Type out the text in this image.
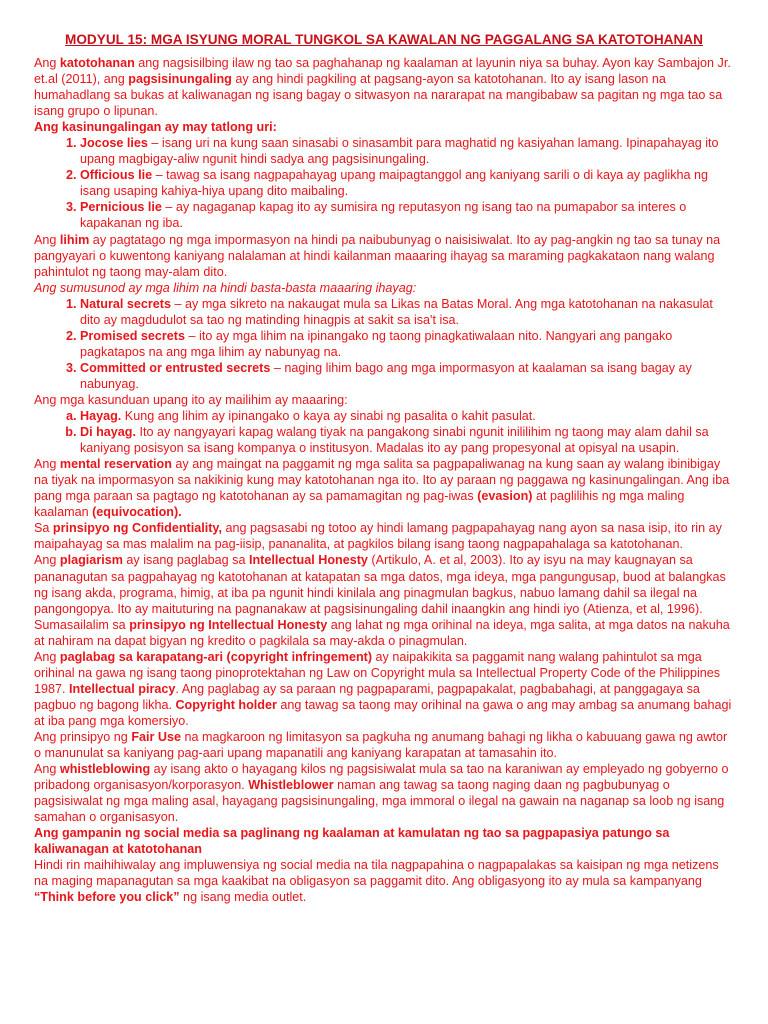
MODYUL 15: MGA ISYUNG MORAL TUNGKOL SA KAWALAN NG PAGGALANG SA KATOTOHANAN

Ang katotohanan ang nagsisilbing ilaw ng tao sa paghahanap ng kaalaman at layunin niya sa buhay. Ayon kay Sambajon Jr. et.al (2011), ang pagsisinungaling ay ang hindi pagkiling at pagsang-ayon sa katotohanan. Ito ay isang lason na humahadlang sa bukas at kaliwanagan ng isang bagay o sitwasyon na nararapat na mangibabaw sa pagitan ng mga tao sa isang grupo o lipunan.

Ang kasinungalingan ay may tatlong uri:

1. Jocose lies – isang uri na kung saan sinasabi o sinasambit para maghatid ng kasiyahan lamang. Ipinapahayag ito upang magbigay-aliw ngunit hindi sadya ang pagsisinungaling.
2. Officious lie – tawag sa isang nagpapahayag upang maipagtanggol ang kaniyang sarili o di kaya ay paglikha ng isang usaping kahiya-hiya upang dito maibaling.
3. Pernicious lie – ay nagaganap kapag ito ay sumisira ng reputasyon ng isang tao na pumapabor sa interes o kapakanan ng iba.

Ang lihim ay pagtatago ng mga impormasyon na hindi pa naibubunyag o naisisiwalat. Ito ay pag-angkin ng tao sa tunay na pangyayari o kuwentong kaniyang nalalaman at hindi kailanman maaaring ihayag sa maraming pagkakataon nang walang pahintulot ng taong may-alam dito.

Ang sumusunod ay mga lihim na hindi basta-basta maaaring ihayag:

1. Natural secrets – ay mga sikreto na nakaugat mula sa Likas na Batas Moral. Ang mga katotohanan na nakasulat dito ay magdudulot sa tao ng matinding hinagpis at sakit sa isa't isa.
2. Promised secrets – ito ay mga lihim na ipinangako ng taong pinagkatiwalaan nito. Nangyari ang pangako pagkatapos na ang mga lihim ay nabunyag na.
3. Committed or entrusted secrets – naging lihim bago ang mga impormasyon at kaalaman sa isang bagay ay nabunyag.

Ang mga kasunduan upang ito ay mailihim ay maaaring:

a. Hayag. Kung ang lihim ay ipinangako o kaya ay sinabi ng pasalita o kahit pasulat.
b. Di hayag. Ito ay nangyayari kapag walang tiyak na pangakong sinabi ngunit inililihim ng taong may alam dahil sa kaniyang posisyon sa isang kompanya o institusyon. Madalas ito ay pang propesyonal at opisyal na usapin.

Ang mental reservation ay ang maingat na paggamit ng mga salita sa pagpapaliwanag na kung saan ay walang ibinibigay na tiyak na impormasyon sa nakikinig kung may katotohanan nga ito. Ito ay paraan ng paggawa ng kasinungalingan. Ang iba pang mga paraan sa pagtago ng katotohanan ay sa pamamagitan ng pag-iwas (evasion) at paglilihis ng mga maling kaalaman (equivocation).

Sa prinsipyo ng Confidentiality, ang pagsasabi ng totoo ay hindi lamang pagpapahayag nang ayon sa nasa isip, ito rin ay maipahayag sa mas malalim na pag-iisip, pananalita, at pagkilos bilang isang taong nagpapahalaga sa katotohanan.

Ang plagiarism ay isang paglabag sa Intellectual Honesty (Artikulo, A. et al, 2003). Ito ay isyu na may kaugnayan sa pananagutan sa pagpahayag ng katotohanan at katapatan sa mga datos, mga ideya, mga pangungusap, buod at balangkas ng isang akda, programa, himig, at iba pa ngunit hindi kinilala ang pinagmulan bagkus, nabuo lamang dahil sa ilegal na pangongopya. Ito ay maituturing na pagnanakaw at pagsisinungaling dahil inaangkin ang hindi iyo (Atienza, et al, 1996). Sumasailalim sa prinsipyo ng Intellectual Honesty ang lahat ng mga orihinal na ideya, mga salita, at mga datos na nakuha at nahiram na dapat bigyan ng kredito o pagkilala sa may-akda o pinagmulan.

Ang paglabag sa karapatang-ari (copyright infringement) ay naipakikita sa paggamit nang walang pahintulot sa mga orihinal na gawa ng isang taong pinoprotektahan ng Law on Copyright mula sa Intellectual Property Code of the Philippines 1987. Intellectual piracy. Ang paglabag ay sa paraan ng pagpaparami, pagpapakalat, pagbabahagi, at panggagaya sa pagbuo ng bagong likha. Copyright holder ang tawag sa taong may orihinal na gawa o ang may ambag sa anumang bahagi at iba pang mga komersiyo.

Ang prinsipyo ng Fair Use na magkaroon ng limitasyon sa pagkuha ng anumang bahagi ng likha o kabuuang gawa ng awtor o manunulat sa kaniyang pag-aari upang mapanatili ang kaniyang karapatan at tamasahin ito.

Ang whistleblowing ay isang akto o hayagang kilos ng pagsisiwalat mula sa tao na karaniwan ay empleyado ng gobyerno o pribadong organisasyon/korporasyon. Whistleblower naman ang tawag sa taong naging daan ng pagbubunyag o pagsisiwalat ng mga maling asal, hayagang pagsisinungaling, mga immoral o ilegal na gawain na naganap sa loob ng isang samahan o organisasyon.

Ang gampanin ng social media sa paglinang ng kaalaman at kamulatan ng tao sa pagpapasiya patungo sa kaliwanagan at katotohanan

Hindi rin maihihiwalay ang impluwensiya ng social media na tila nagpapahina o nagpapalakas sa kaisipan ng mga netizens na maging mapanagutan sa mga kaakibat na obligasyon sa paggamit dito. Ang obligasyong ito ay mula sa kampanyang “Think before you click” ng isang media outlet.
